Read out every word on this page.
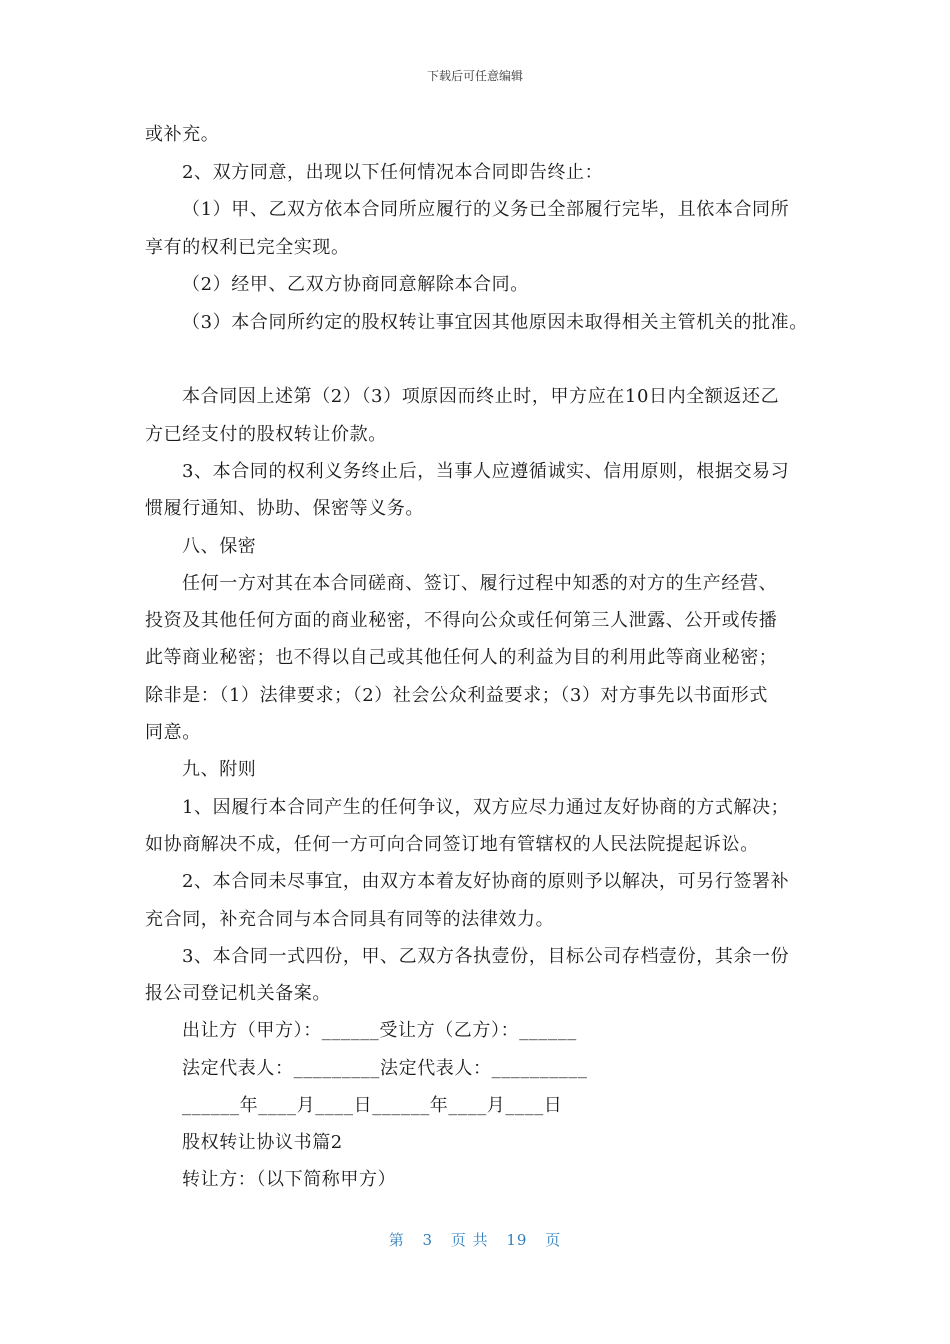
下载后可任意编辑
或补充。
2、双方同意，出现以下任何情况本合同即告终止：
（1）甲、乙双方依本合同所应履行的义务已全部履行完毕，且依本合同所
享有的权利已完全实现。
（2）经甲、乙双方协商同意解除本合同。
（3）本合同所约定的股权转让事宜因其他原因未取得相关主管机关的批准。
本合同因上述第（2）（3）项原因而终止时，甲方应在10日内全额返还乙
方已经支付的股权转让价款。
3、本合同的权利义务终止后，当事人应遵循诚实、信用原则，根据交易习
惯履行通知、协助、保密等义务。
八、保密
任何一方对其在本合同磋商、签订、履行过程中知悉的对方的生产经营、
投资及其他任何方面的商业秘密，不得向公众或任何第三人泄露、公开或传播
此等商业秘密；也不得以自己或其他任何人的利益为目的利用此等商业秘密；
除非是：（1）法律要求；（2）社会公众利益要求；（3）对方事先以书面形式
同意。
九、附则
1、因履行本合同产生的任何争议，双方应尽力通过友好协商的方式解决；
如协商解决不成，任何一方可向合同签订地有管辖权的人民法院提起诉讼。
2、本合同未尽事宜，由双方本着友好协商的原则予以解决，可另行签署补
充合同，补充合同与本合同具有同等的法律效力。
3、本合同一式四份，甲、乙双方各执壹份，目标公司存档壹份，其余一份
报公司登记机关备案。
出让方（甲方）：______受让方（乙方）：______
法定代表人：_________法定代表人：__________
______年____月____日______年____月____日
股权转让协议书篇2
转让方：（以下简称甲方）
第 3 页 共 19 页
